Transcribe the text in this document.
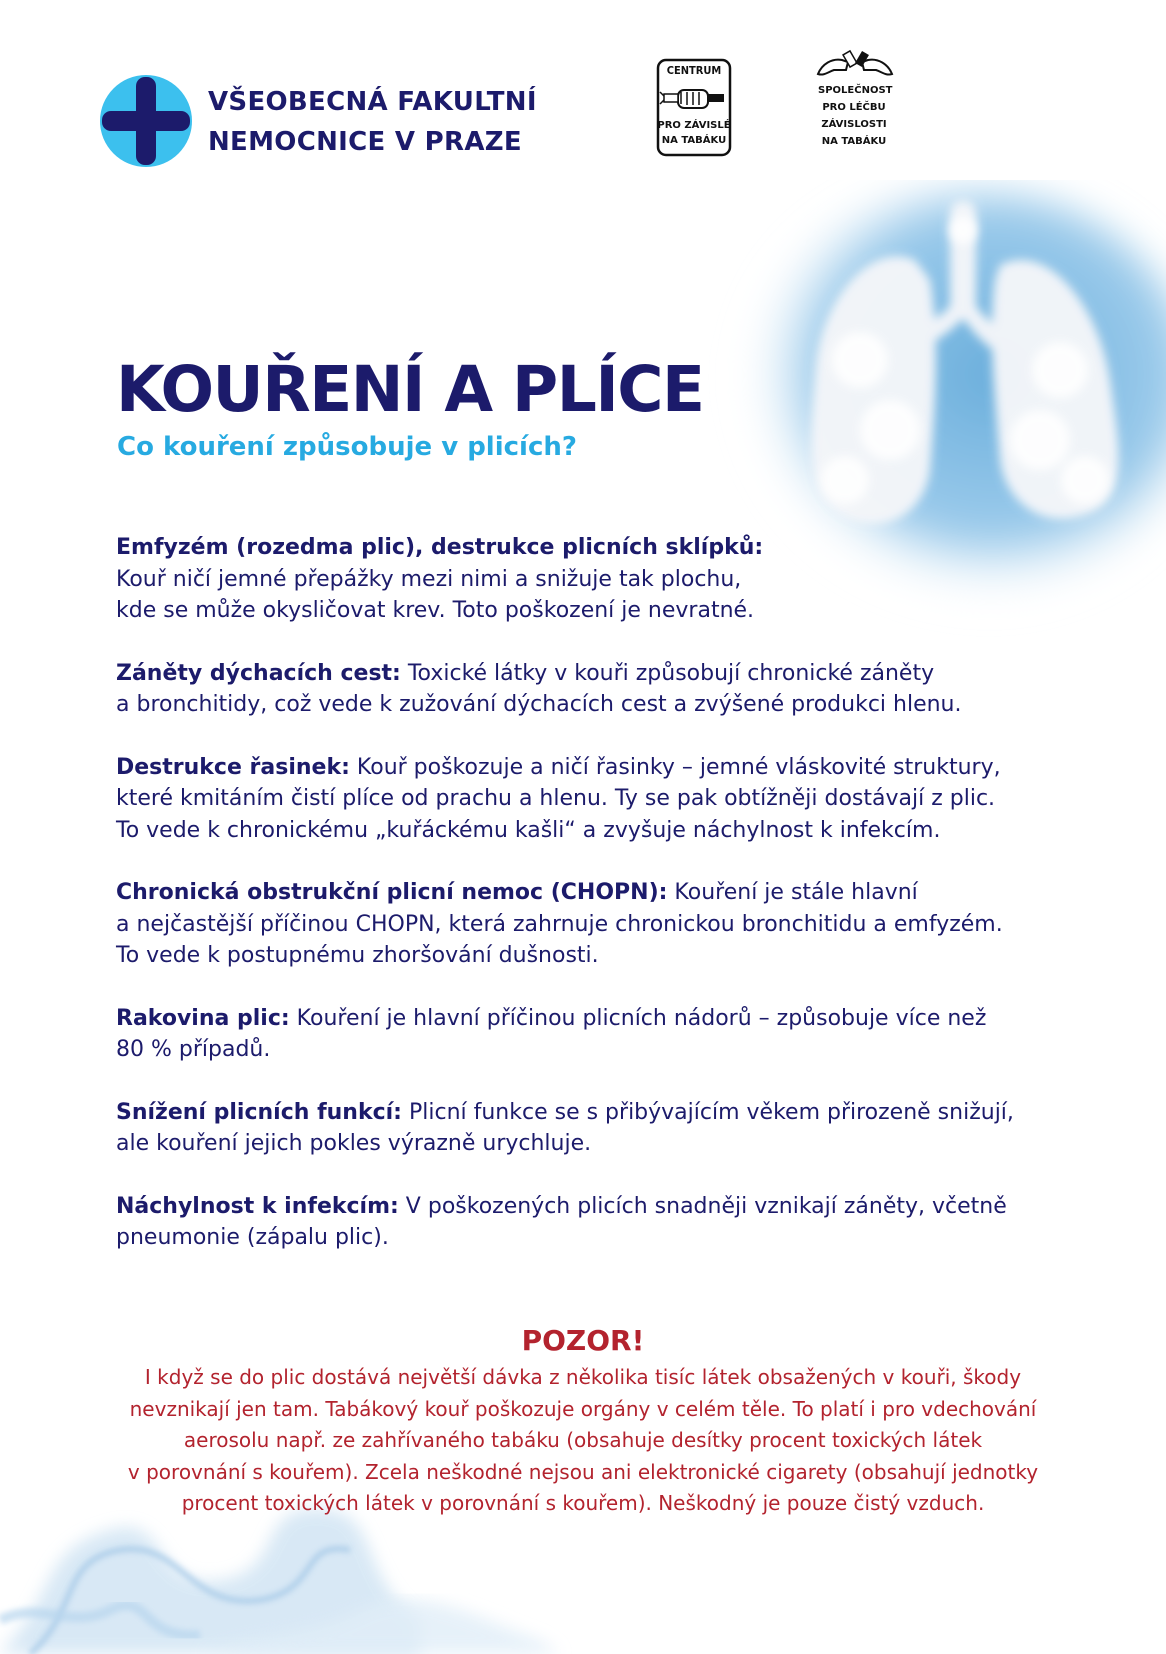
VŠEOBECNÁ FAKULTNÍ
NEMOCNICE V PRAZE
CENTRUM
PRO ZÁVISLÉ
NA TABÁKU
SPOLEČNOST
PRO LÉČBU
ZÁVISLOSTI
NA TABÁKU
KOUŘENÍ A PLÍCE
Co kouření způsobuje v plicích?
Emfyzém (rozedma plic), destrukce plicních sklípků:
Kouř ničí jemné přepážky mezi nimi a snižuje tak plochu,
kde se může okysličovat krev. Toto poškození je nevratné.
Záněty dýchacích cest: Toxické látky v kouři způsobují chronické záněty
a bronchitidy, což vede k zužování dýchacích cest a zvýšené produkci hlenu.
Destrukce řasinek: Kouř poškozuje a ničí řasinky – jemné vláskovité struktury,
které kmitáním čistí plíce od prachu a hlenu. Ty se pak obtížněji dostávají z plic.
To vede k chronickému „kuřáckému kašli“ a zvyšuje náchylnost k infekcím.
Chronická obstrukční plicní nemoc (CHOPN): Kouření je stále hlavní
a nejčastější příčinou CHOPN, která zahrnuje chronickou bronchitidu a emfyzém.
To vede k postupnému zhoršování dušnosti.
Rakovina plic: Kouření je hlavní příčinou plicních nádorů – způsobuje více než
80 % případů.
Snížení plicních funkcí: Plicní funkce se s přibývajícím věkem přirozeně snižují,
ale kouření jejich pokles výrazně urychluje.
Náchylnost k infekcím: V poškozených plicích snadněji vznikají záněty, včetně
pneumonie (zápalu plic).
POZOR!
I když se do plic dostává největší dávka z několika tisíc látek obsažených v kouři, škody
nevznikají jen tam. Tabákový kouř poškozuje orgány v celém těle. To platí i pro vdechování
aerosolu např. ze zahřívaného tabáku (obsahuje desítky procent toxických látek
v porovnání s kouřem). Zcela neškodné nejsou ani elektronické cigarety (obsahují jednotky
procent toxických látek v porovnání s kouřem). Neškodný je pouze čistý vzduch.
